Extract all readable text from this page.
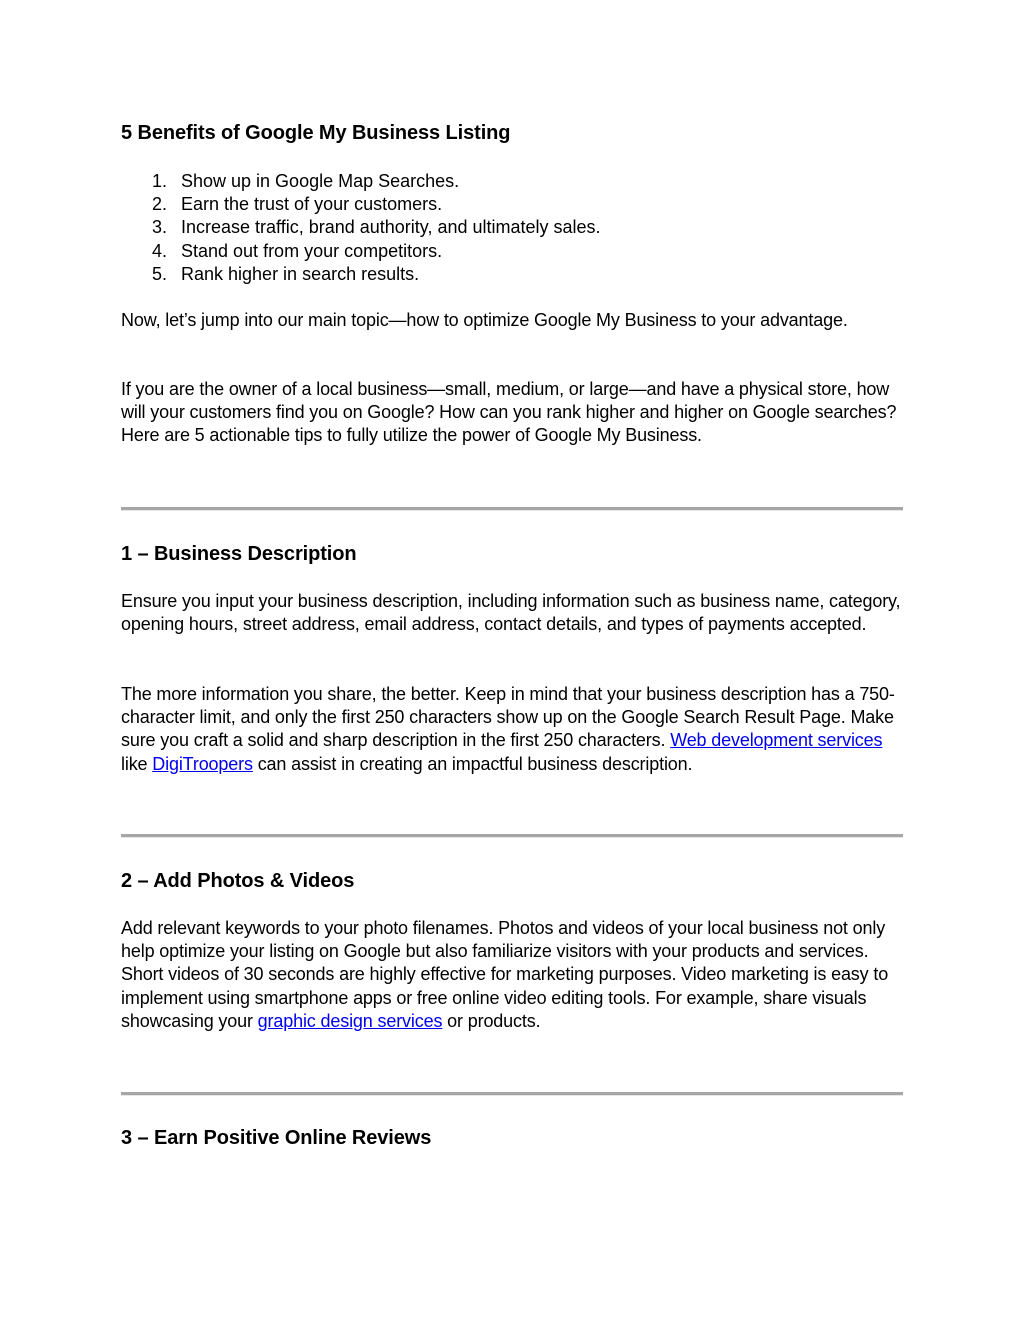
5 Benefits of Google My Business Listing
1. Show up in Google Map Searches.
2. Earn the trust of your customers.
3. Increase traffic, brand authority, and ultimately sales.
4. Stand out from your competitors.
5. Rank higher in search results.

Now, let’s jump into our main topic—how to optimize Google My Business to your advantage.

If you are the owner of a local business—small, medium, or large—and have a physical store, how will your customers find you on Google? How can you rank higher and higher on Google searches? Here are 5 actionable tips to fully utilize the power of Google My Business.

1 – Business Description

Ensure you input your business description, including information such as business name, category, opening hours, street address, email address, contact details, and types of payments accepted.

The more information you share, the better. Keep in mind that your business description has a 750-character limit, and only the first 250 characters show up on the Google Search Result Page. Make sure you craft a solid and sharp description in the first 250 characters. Web development services like DigiTroopers can assist in creating an impactful business description.

2 – Add Photos & Videos

Add relevant keywords to your photo filenames. Photos and videos of your local business not only help optimize your listing on Google but also familiarize visitors with your products and services. Short videos of 30 seconds are highly effective for marketing purposes. Video marketing is easy to implement using smartphone apps or free online video editing tools. For example, share visuals showcasing your graphic design services or products.

3 – Earn Positive Online Reviews
